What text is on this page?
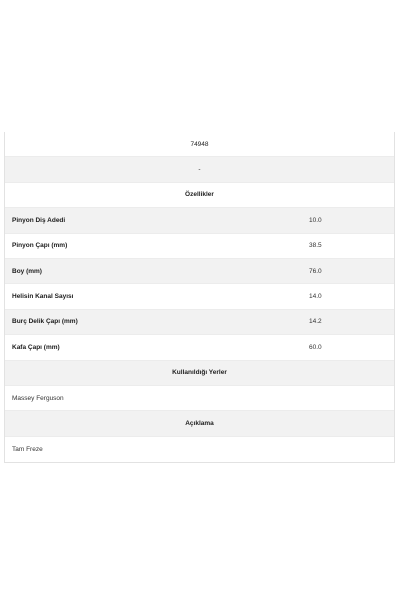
74948
-
Özellikler
Pinyon Diş Adedi	10.0
Pinyon Çapı (mm)	38.5
Boy (mm)	76.0
Helisin Kanal Sayısı	14.0
Burç Delik Çapı (mm)	14.2
Kafa Çapı (mm)	60.0
Kullanıldığı Yerler
Massey Ferguson
Açıklama
Tam Freze
